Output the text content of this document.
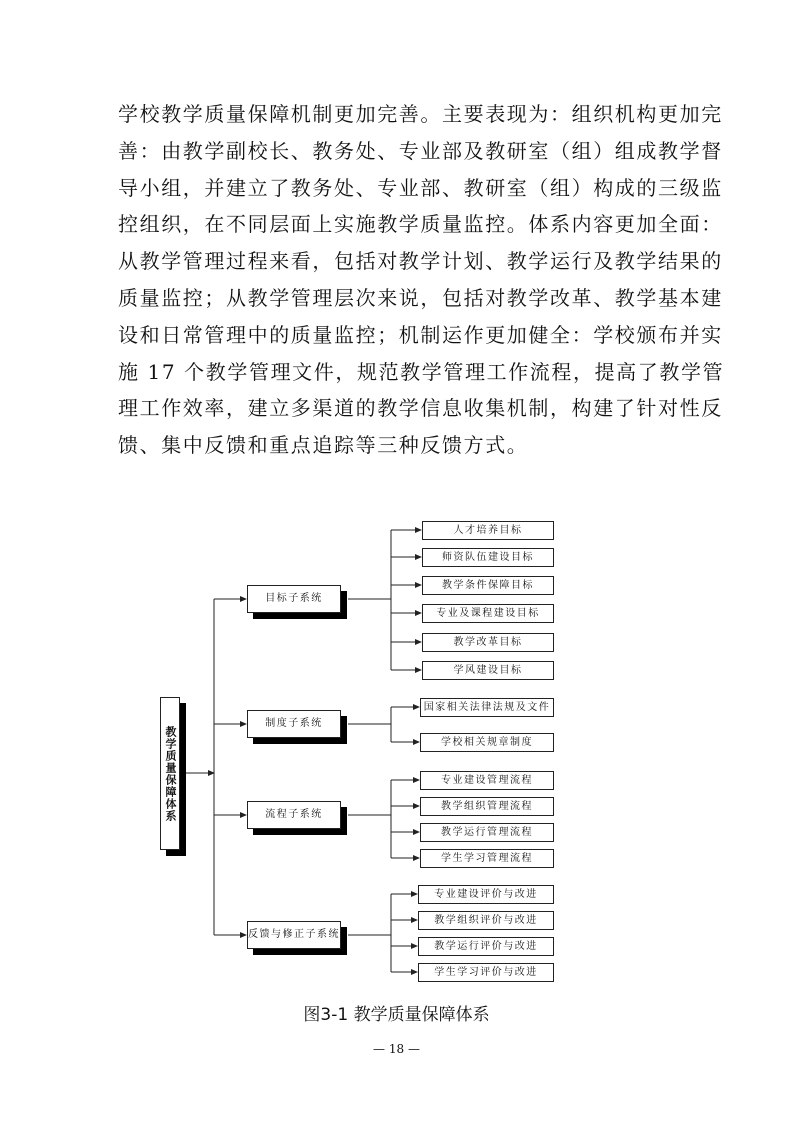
学校教学质量保障机制更加完善。主要表现为：组织机构更加完
善：由教学副校长、教务处、专业部及教研室（组）组成教学督
导小组，并建立了教务处、专业部、教研室（组）构成的三级监
控组织，在不同层面上实施教学质量监控。体系内容更加全面：
从教学管理过程来看，包括对教学计划、教学运行及教学结果的
质量监控；从教学管理层次来说，包括对教学改革、教学基本建
设和日常管理中的质量监控；机制运作更加健全：学校颁布并实
施 17 个教学管理文件，规范教学管理工作流程，提高了教学管
理工作效率，建立多渠道的教学信息收集机制，构建了针对性反
馈、集中反馈和重点追踪等三种反馈方式。
教学质量保障体系
目标子系统
制度子系统
流程子系统
反馈与修正子系统
人才培养目标
师资队伍建设目标
教学条件保障目标
专业及课程建设目标
教学改革目标
学风建设目标
国家相关法律法规及文件
学校相关规章制度
专业建设管理流程
教学组织管理流程
教学运行管理流程
学生学习管理流程
专业建设评价与改进
教学组织评价与改进
教学运行评价与改进
学生学习评价与改进
图3-1 教学质量保障体系
— 18 —
